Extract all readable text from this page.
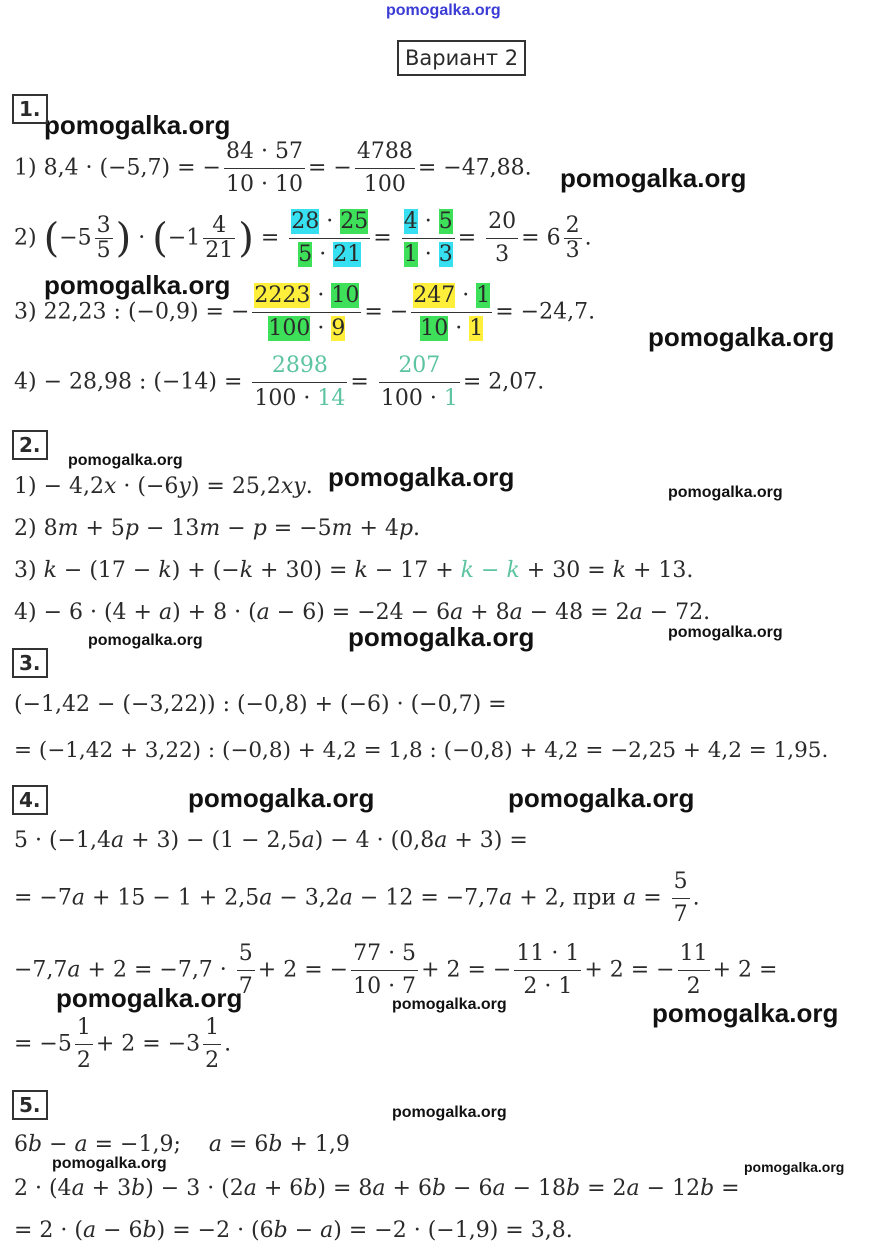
pomogalka.org
Вариант 2
pomogalka.org
pomogalka.org
pomogalka.org
pomogalka.org
pomogalka.org
pomogalka.org
pomogalka.org
pomogalka.org	pomogalka.org	pomogalka.org
pomogalka.org	pomogalka.org
pomogalka.org	pomogalka.org	pomogalka.org
pomogalka.org
pomogalka.org	pomogalka.org
1.
1) 8,4 · (−5,7) = − $\frac{84 \cdot 57}{10 \cdot 10}$ = − $\frac{4788}{100} = -47,88$.
2) ($-5 \frac{3}{5}$ ) · ($-1 \frac{4}{21}$ ) = $\frac{28 \cdot 25}{5 \cdot 21} = \frac{4 \cdot 5}{1 \cdot 3} = \frac{20}{3} = 6 \frac{2}{3}$ .
3) 22,23 : (−0,9) = − $\frac{2223 \cdot 10}{100 \cdot 9}$ = − $\frac{247 \cdot 1}{10 \cdot 1} = -24,7$.
4) − 28,98 : $(-14) = \frac{2898}{100 \cdot 14} = \frac{207}{100 \cdot 1} = 2,07$.
2.
1) − 4,2x · (−6y) = 25,2xy.
2) 8m + 5p − 13m − p = −5m + 4p.
3) k − (17 − k) + (−k + 30) = k − 17 + k − k + 30 = k + 13.
4) − 6 · (4 + a) + 8 · (a − 6) = −24 − 6a + 8a − 48 = 2a − 72.
3.
(−1,42 − (−3,22)) : (−0,8) + (−6) · (−0,7) =
= (−1,42 + 3,22) : (−0,8) + 4,2 = 1,8 : (−0,8) + 4,2 = −2,25 + 4,2 = 1,95.
4.
5 · (−1,4a + 3) − (1 − 2,5a) − 4 · (0,8a + 3) =
= −7a + 15 − 1 + 2,5a − 3,2a − 12 = −7,7a + 2, при $a = \frac{5}{7}$ .
$-7,7a + 2 = -7,7 \cdot \frac{5}{7} + 2$ = − $\frac{77 \cdot 5}{10 \cdot 7} + 2$ = − $\frac{11 \cdot 1}{2 \cdot 1} + 2$ = − $\frac{11}{2} + 2$ =
= $-5 \frac{1}{2} + 2 = -3 \frac{1}{2}$ .
5.
6b − a = −1,9;    a = 6b + 1,9
2 · (4a + 3b) − 3 · (2a + 6b) = 8a + 6b − 6a − 18b = 2a − 12b =
= 2 · (a − 6b) = −2 · (6b − a) = −2 · (−1,9) = 3,8.
